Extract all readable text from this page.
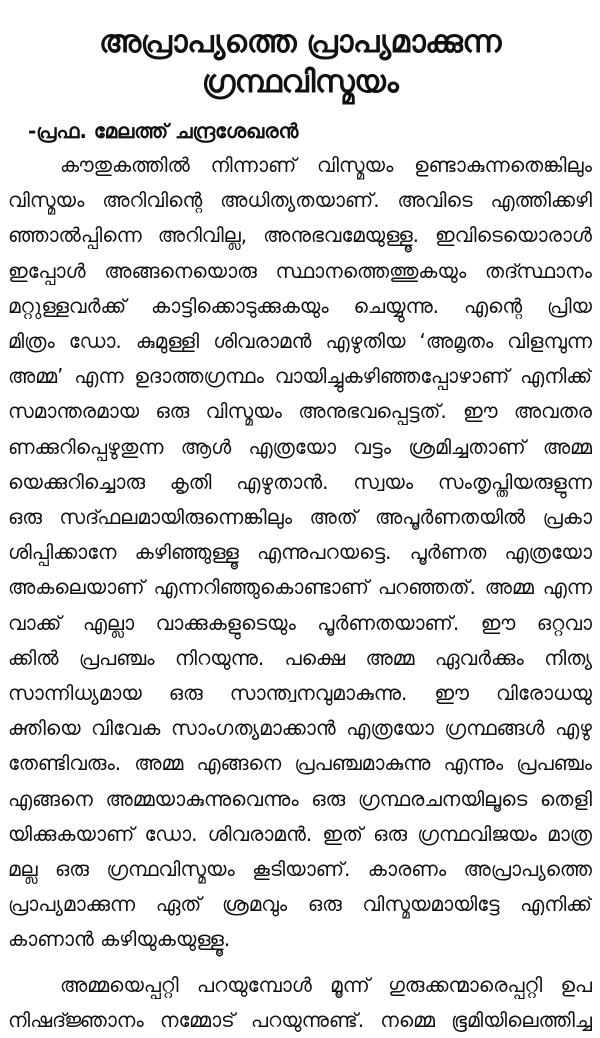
അപ്രാപ്യത്തെ പ്രാപ്യമാക്കുന്ന
ഗ്രന്ഥവിസ്മയം
-പ്രഫ. മേലത്ത് ചന്ദ്രശേഖരൻ
കൗതുകത്തിൽ നിന്നാണ് വിസ്മയം ഉണ്ടാകുന്നതെങ്കിലും
വിസ്മയം അറിവിന്റെ അധിത്യതയാണ്. അവിടെ എത്തിക്കഴി
ഞ്ഞാൽപ്പിന്നെ അറിവില്ല, അനുഭവമേയുള്ളൂ. ഇവിടെയൊരാൾ
ഇപ്പോൾ അങ്ങനെയൊരു സ്ഥാനത്തെത്തുകയും തദ്സ്ഥാനം
മറ്റുള്ളവർക്ക് കാട്ടിക്കൊടുക്കുകയും ചെയ്യുന്നു. എന്റെ പ്രിയ
മിത്രം ഡോ. കുമുള്ളി ശിവരാമൻ എഴുതിയ ‘അമൃതം വിളമ്പുന്ന
അമ്മ’ എന്ന ഉദാത്തഗ്രന്ഥം വായിച്ചുകഴിഞ്ഞപ്പോഴാണ് എനിക്ക്
സമാന്തരമായ ഒരു വിസ്മയം അനുഭവപ്പെട്ടത്. ഈ അവതര
ണക്കുറിപ്പെഴുതുന്ന ആൾ എത്രയോ വട്ടം ശ്രമിച്ചതാണ് അമ്മ
യെക്കുറിച്ചൊരു കൃതി എഴുതാൻ. സ്വയം സംതൃപ്തിയരുളുന്ന
ഒരു സദ്ഫലമായിരുന്നെങ്കിലും അത് അപൂർണതയിൽ പ്രകാ
ശിപ്പിക്കാനേ കഴിഞ്ഞുള്ളൂ എന്നുപറയട്ടെ. പൂർണത എത്രയോ
അകലെയാണ് എന്നറിഞ്ഞുകൊണ്ടാണ് പറഞ്ഞത്. അമ്മ എന്ന
വാക്ക് എല്ലാ വാക്കുകളുടെയും പൂർണതയാണ്. ഈ ഒറ്റവാ
ക്കിൽ പ്രപഞ്ചം നിറയുന്നു. പക്ഷെ അമ്മ ഏവർക്കും നിത്യ
സാന്നിധ്യമായ ഒരു സാന്ത്വനവുമാകുന്നു. ഈ വിരോധയു
ക്തിയെ വിവേക സാംഗത്യമാക്കാൻ എത്രയോ ഗ്രന്ഥങ്ങൾ എഴു
തേണ്ടിവരും. അമ്മ എങ്ങനെ പ്രപഞ്ചമാകുന്നു എന്നും പ്രപഞ്ചം
എങ്ങനെ അമ്മയാകുന്നുവെന്നും ഒരു ഗ്രന്ഥരചനയിലൂടെ തെളി
യിക്കുകയാണ് ഡോ. ശിവരാമൻ. ഇത് ഒരു ഗ്രന്ഥവിജയം മാത്ര
മല്ല ഒരു ഗ്രന്ഥവിസ്മയം കൂടിയാണ്. കാരണം അപ്രാപ്യത്തെ
പ്രാപ്യമാക്കുന്ന ഏത് ശ്രമവും ഒരു വിസ്മയമായിട്ടേ എനിക്ക്
കാണാൻ കഴിയുകയുള്ളൂ.
അമ്മയെപ്പറ്റി പറയുമ്പോൾ മൂന്ന് ഗുരുക്കന്മാരെപ്പറ്റി ഉപ
നിഷദ്ജ്ഞാനം നമ്മോട് പറയുന്നുണ്ട്. നമ്മെ ഭൂമിയിലെത്തിച്ച
